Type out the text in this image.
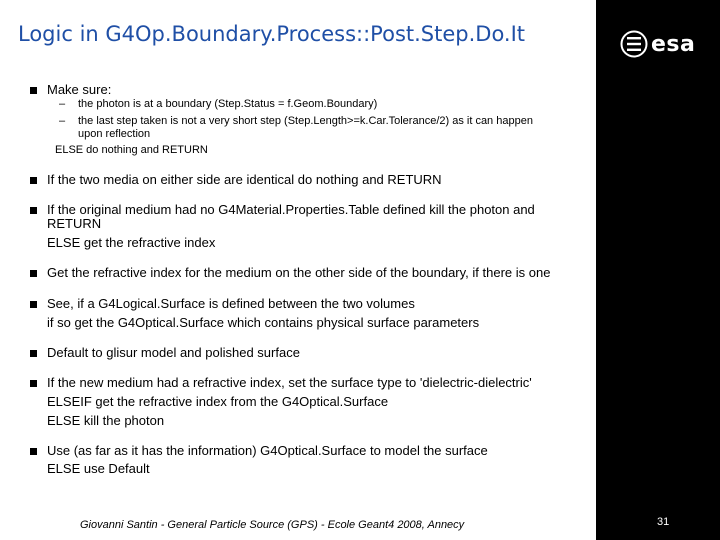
Logic in G4Op.Boundary.Process::Post.Step.Do.It	esa
Make sure:
– the photon is at a boundary (Step.Status = f.Geom.Boundary)
– the last step taken is not a very short step (Step.Length>=k.Car.Tolerance/2) as it can happen
upon reflection
ELSE do nothing and RETURN
If the two media on either side are identical do nothing and RETURN
If the original medium had no G4Material.Properties.Table defined kill the photon and
RETURN
ELSE get the refractive index
Get the refractive index for the medium on the other side of the boundary, if there is one
See, if a G4Logical.Surface is defined between the two volumes
if so get the G4Optical.Surface which contains physical surface parameters
Default to glisur model and polished surface
If the new medium had a refractive index, set the surface type to 'dielectric-dielectric'
ELSEIF get the refractive index from the G4Optical.Surface
ELSE kill the photon
Use (as far as it has the information) G4Optical.Surface to model the surface
ELSE use Default
Giovanni Santin - General Particle Source (GPS) - Ecole Geant4 2008, Annecy	31
